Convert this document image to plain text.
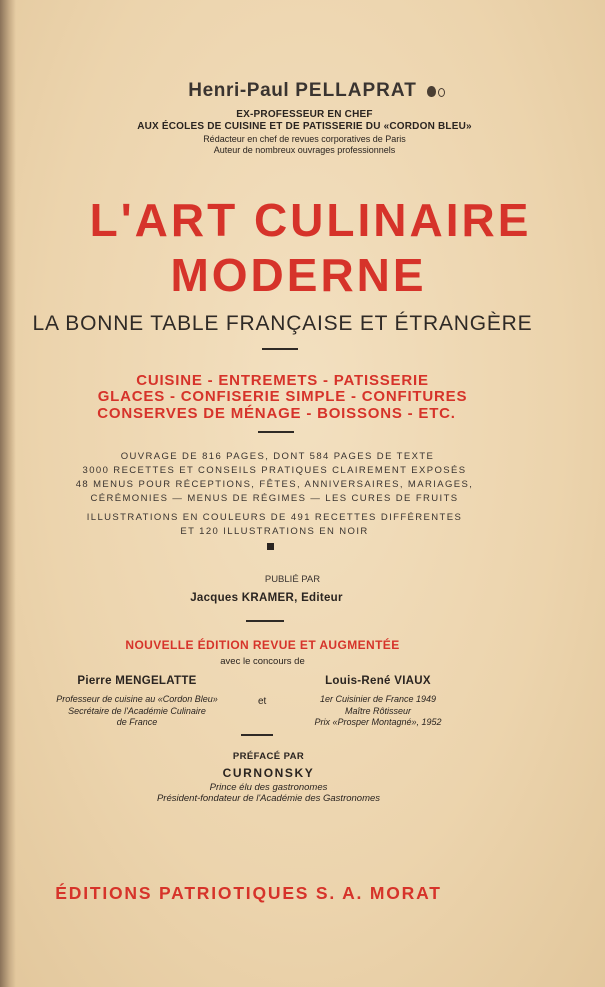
Henri-Paul PELLAPRAT
EX-PROFESSEUR EN CHEF
AUX ÉCOLES DE CUISINE ET DE PATISSERIE DU «CORDON BLEU»
Rédacteur en chef de revues corporatives de Paris
Auteur de nombreux ouvrages professionnels
L'ART CULINAIRE
MODERNE
LA BONNE TABLE FRANÇAISE ET ÉTRANGÈRE
CUISINE - ENTREMETS - PATISSERIE
GLACES - CONFISERIE SIMPLE - CONFITURES
CONSERVES DE MÉNAGE - BOISSONS - ETC.
OUVRAGE DE 816 PAGES, DONT 584 PAGES DE TEXTE
3000 RECETTES ET CONSEILS PRATIQUES CLAIREMENT EXPOSÉS
48 MENUS POUR RÉCEPTIONS, FÊTES, ANNIVERSAIRES, MARIAGES,
CÉRÉMONIES — MENUS DE RÉGIMES — LES CURES DE FRUITS
ILLUSTRATIONS EN COULEURS DE 491 RECETTES DIFFÉRENTES
ET 120 ILLUSTRATIONS EN NOIR
PUBLIÉ PAR
Jacques KRAMER, Editeur
NOUVELLE ÉDITION REVUE ET AUGMENTÉE
avec le concours de
Pierre MENGELATTE
Professeur de cuisine au «Cordon Bleu»
Secrétaire de l'Académie Culinaire
de France
et
Louis-René VIAUX
1er Cuisinier de France 1949
Maître Rôtisseur
Prix «Prosper Montagné», 1952
PRÉFACÉ PAR
CURNONSKY
Prince élu des gastronomes
Président-fondateur de l'Académie des Gastronomes
ÉDITIONS PATRIOTIQUES S. A. MORAT
